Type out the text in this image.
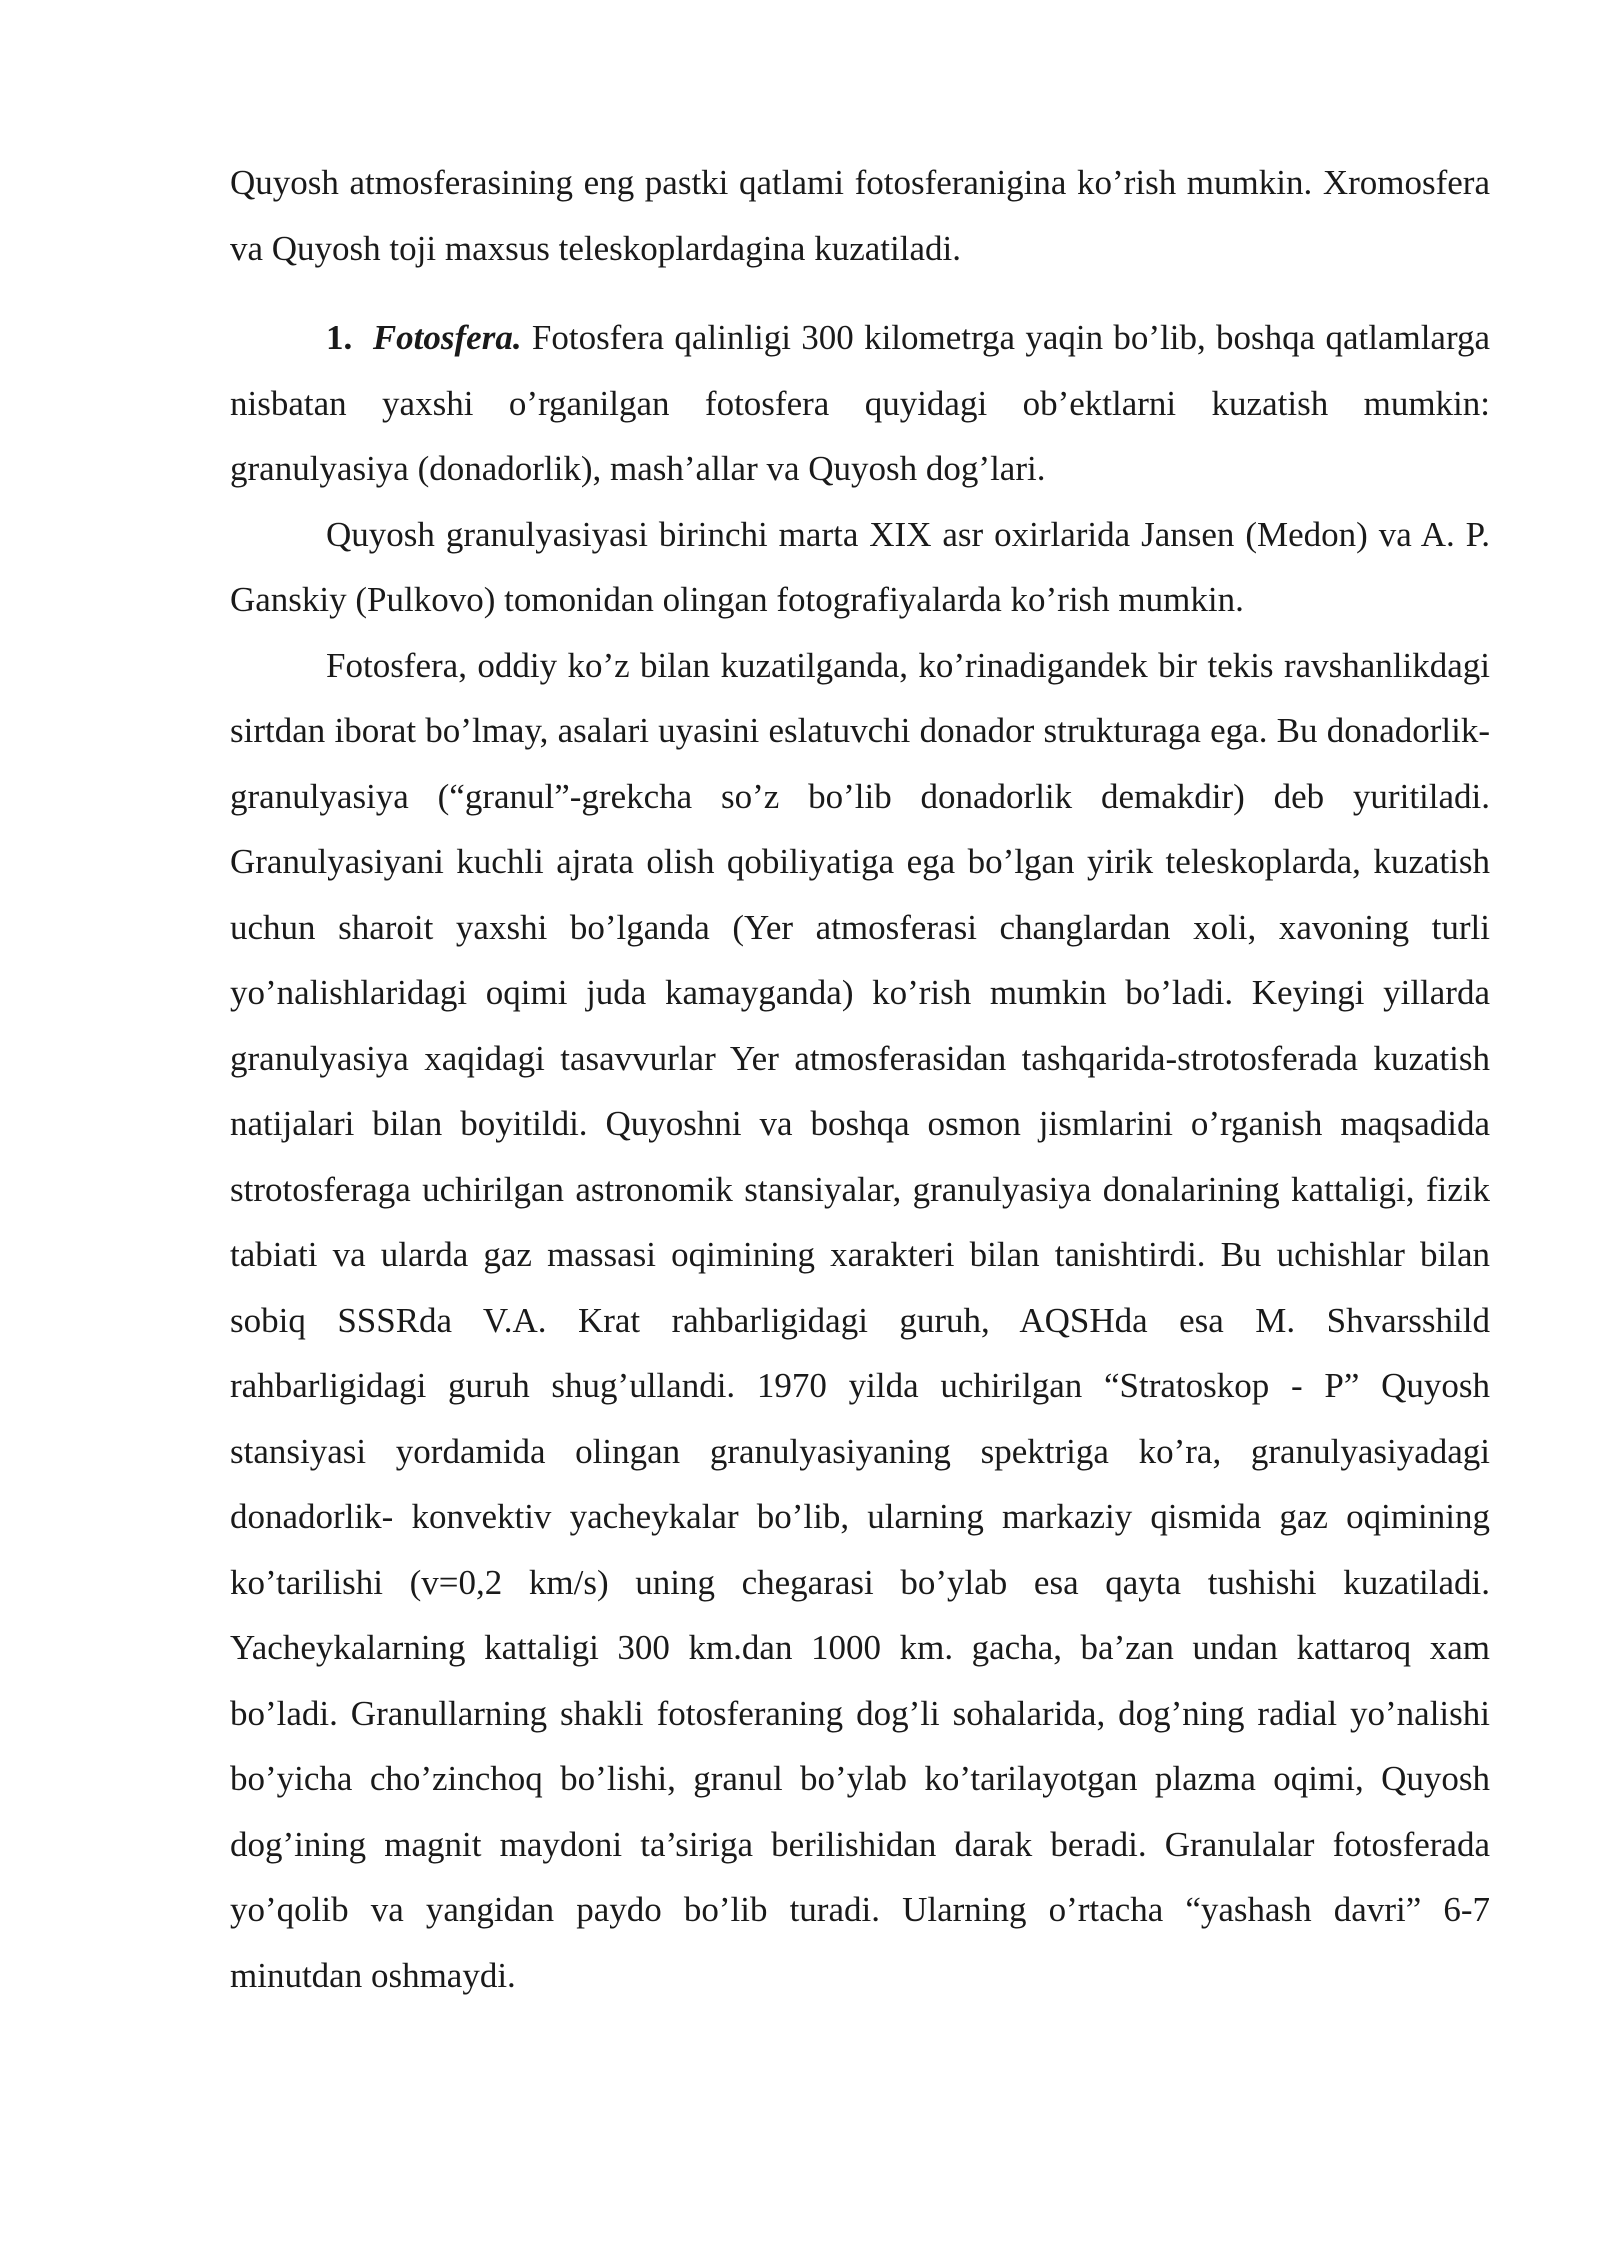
Quyosh atmosferasining eng pastki qatlami fotosferanigina ko’rish mumkin. Xromosfera va Quyosh toji maxsus teleskoplardagina kuzatiladi.

1. Fotosfera. Fotosfera qalinligi 300 kilometrga yaqin bo’lib, boshqa qatlamlarga nisbatan yaxshi o’rganilgan fotosfera quyidagi ob’ektlarni kuzatish mumkin: granulyasiya (donadorlik), mash’allar va Quyosh dog’lari.

Quyosh granulyasiyasi birinchi marta XIX asr oxirlarida Jansen (Medon) va A. P. Ganskiy (Pulkovo) tomonidan olingan fotografiyalarda ko’rish mumkin.

Fotosfera, oddiy ko’z bilan kuzatilganda, ko’rinadigandek bir tekis ravshanlikdagi sirtdan iborat bo’lmay, asalari uyasini eslatuvchi donador strukturaga ega. Bu donadorlik-granulyasiya (“granul”-grekcha so’z bo’lib donadorlik demakdir) deb yuritiladi. Granulyasiyani kuchli ajrata olish qobiliyatiga ega bo’lgan yirik teleskoplarda, kuzatish uchun sharoit yaxshi bo’lganda (Yer atmosferasi changlardan xoli, xavoning turli yo’nalishlaridagi oqimi juda kamayganda) ko’rish mumkin bo’ladi. Keyingi yillarda granulyasiya xaqidagi tasavvurlar Yer atmosferasidan tashqarida-strotosferada kuzatish natijalari bilan boyitildi. Quyoshni va boshqa osmon jismlarini o’rganish maqsadida strotosferaga uchirilgan astronomik stansiyalar, granulyasiya donalarining kattaligi, fizik tabiati va ularda gaz massasi oqimining xarakteri bilan tanishtirdi. Bu uchishlar bilan sobiq SSSRda V.A. Krat rahbarligidagi guruh, AQSHda esa M. Shvarsshild rahbarligidagi guruh shug’ullandi. 1970 yilda uchirilgan “Stratoskop - P” Quyosh stansiyasi yordamida olingan granulyasiyaning spektriga ko’ra, granulyasiyadagi donadorlik- konvektiv yacheykalar bo’lib, ularning markaziy qismida gaz oqimining ko’tarilishi (v=0,2 km/s) uning chegarasi bo’ylab esa qayta tushishi kuzatiladi. Yacheykalarning kattaligi 300 km.dan 1000 km. gacha, ba’zan undan kattaroq xam bo’ladi. Granullarning shakli fotosferaning dog’li sohalarida, dog’ning radial yo’nalishi bo’yicha cho’zinchoq bo’lishi, granul bo’ylab ko’tarilayotgan plazma oqimi, Quyosh dog’ining magnit maydoni ta’siriga berilishidan darak beradi. Granulalar fotosferada yo’qolib va yangidan paydo bo’lib turadi. Ularning o’rtacha “yashash davri” 6-7 minutdan oshmaydi.
